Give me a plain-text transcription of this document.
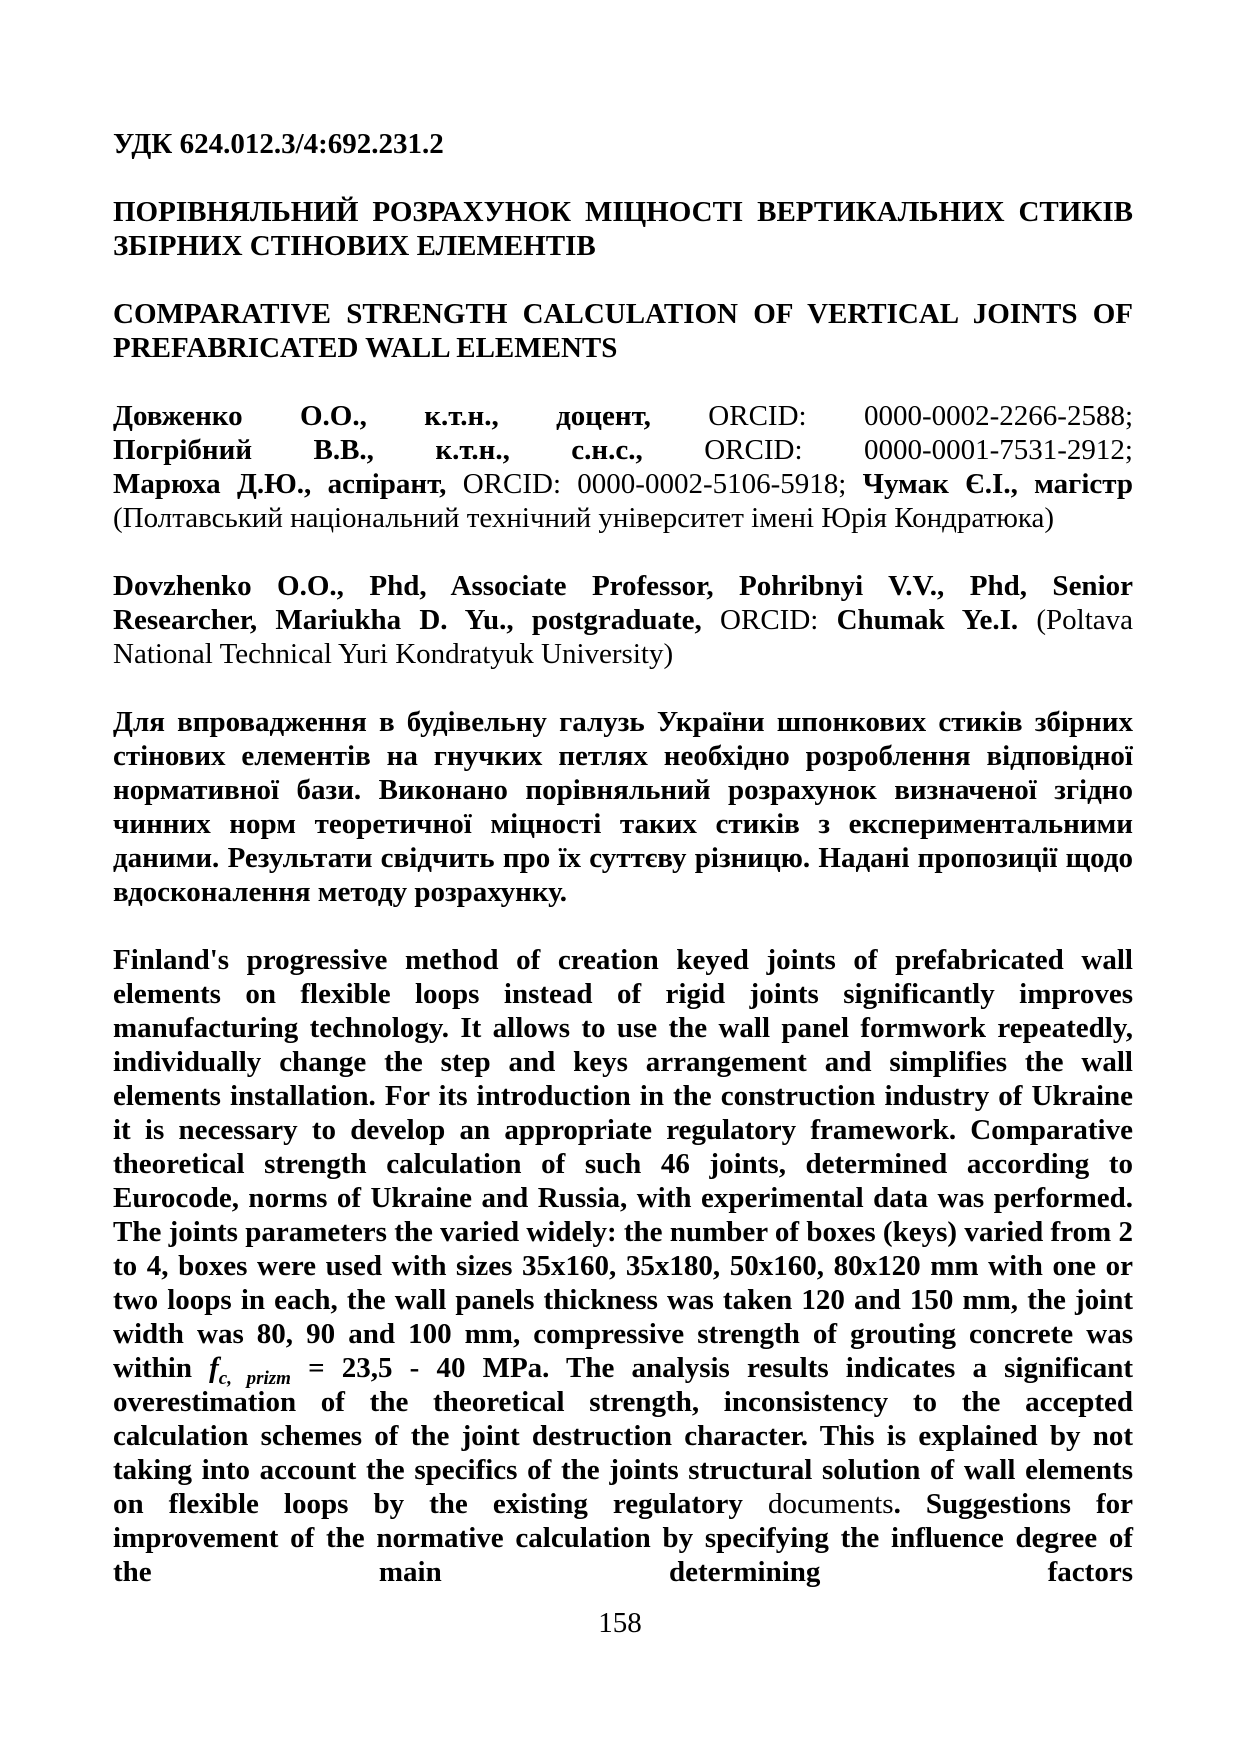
УДК 624.012.3/4:692.231.2

ПОРІВНЯЛЬНИЙ РОЗРАХУНОК МІЦНОСТІ ВЕРТИКАЛЬНИХ СТИКІВ ЗБІРНИХ СТІНОВИХ ЕЛЕМЕНТІВ

COMPARATIVE STRENGTH CALCULATION OF VERTICAL JOINTS OF PREFABRICATED WALL ELEMENTS

Довженко О.О., к.т.н., доцент, ORCID: 0000-0002-2266-2588;
Погрібний В.В., к.т.н., с.н.с., ORCID: 0000-0001-7531-2912;
Марюха Д.Ю., аспірант, ORCID: 0000-0002-5106-5918; Чумак Є.І., магістр
(Полтавський національний технічний університет імені Юрія Кондратюка)

Dovzhenko O.O., Phd, Associate Professor, Pohribnyi V.V., Phd, Senior Researcher, Mariukha D. Yu., postgraduate, ORCID: Chumak Ye.I. (Poltava National Technical Yuri Kondratyuk University)

Для впровадження в будівельну галузь України шпонкових стиків збірних стінових елементів на гнучких петлях необхідно розроблення відповідної нормативної бази. Виконано порівняльний розрахунок визначеної згідно чинних норм теоретичної міцності таких стиків з експериментальними даними. Результати свідчить про їх суттєву різницю. Надані пропозиції щодо вдосконалення методу розрахунку.

Finland's progressive method of creation keyed joints of prefabricated wall elements on flexible loops instead of rigid joints significantly improves manufacturing technology. It allows to use the wall panel formwork repeatedly, individually change the step and keys arrangement and simplifies the wall elements installation. For its introduction in the construction industry of Ukraine it is necessary to develop an appropriate regulatory framework. Comparative theoretical strength calculation of such 46 joints, determined according to Eurocode, norms of Ukraine and Russia, with experimental data was performed. The joints parameters the varied widely: the number of boxes (keys) varied from 2 to 4, boxes were used with sizes 35x160, 35x180, 50x160, 80x120 mm with one or two loops in each, the wall panels thickness was taken 120 and 150 mm, the joint width was 80, 90 and 100 mm, compressive strength of grouting concrete was within $f_{c, prizm} = 23,5 - 40$ MPa. The analysis results indicates a significant overestimation of the theoretical strength, inconsistency to the accepted calculation schemes of the joint destruction character. This is explained by not taking into account the specifics of the joints structural solution of wall elements on flexible loops by the existing regulatory documents. Suggestions for improvement of the normative calculation by specifying the influence degree of the main determining factors

158
